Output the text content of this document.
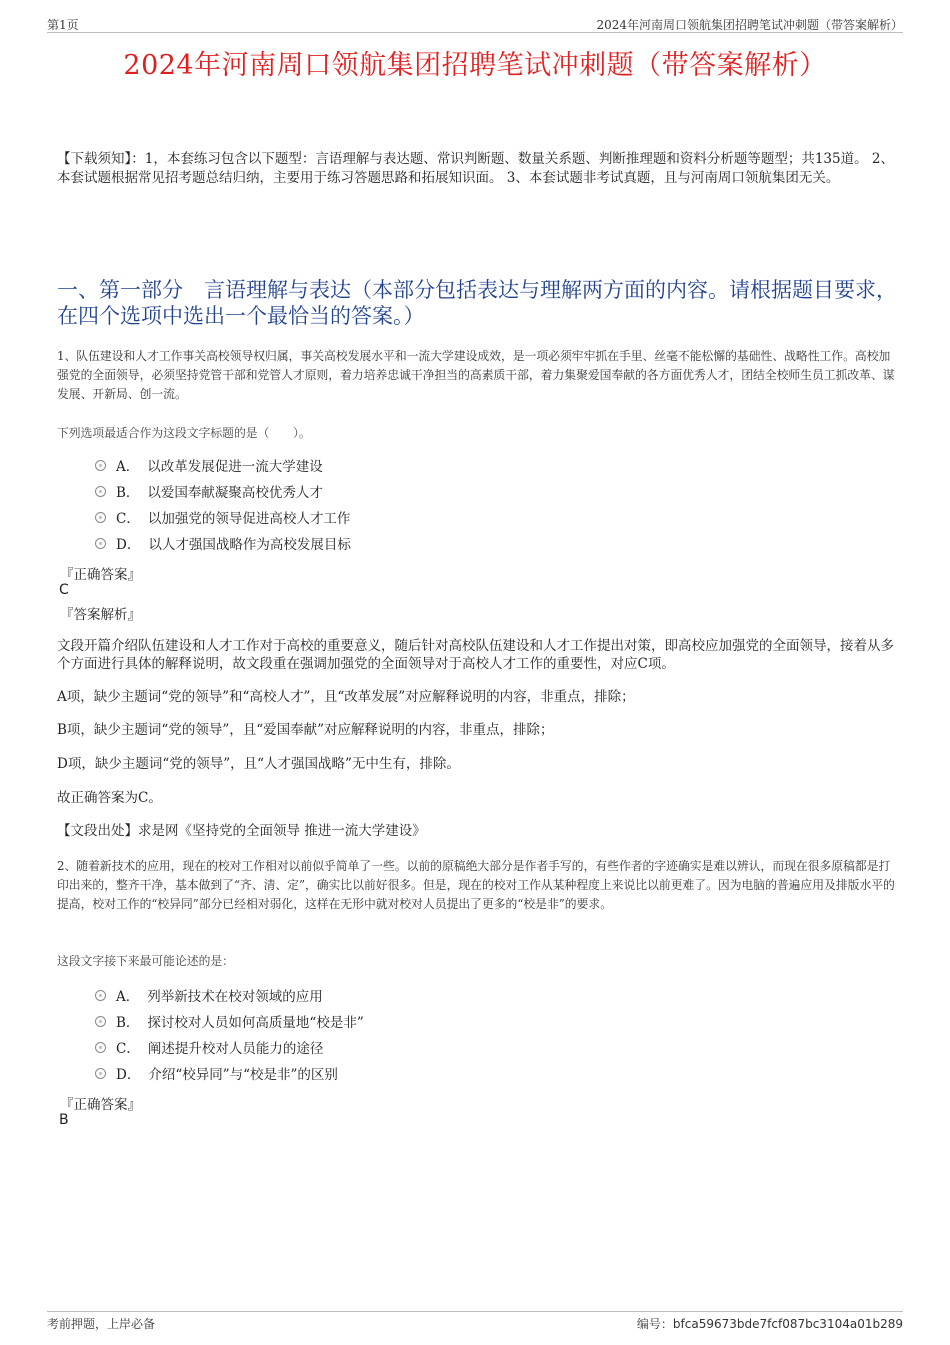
第1页	2024年河南周口领航集团招聘笔试冲刺题（带答案解析）
2024年河南周口领航集团招聘笔试冲刺题（带答案解析）
【下载须知】：1，本套练习包含以下题型：言语理解与表达题、常识判断题、数量关系题、判断推理题和资料分析题等题型；共135道。 2、本套试题根据常见招考题总结归纳，主要用于练习答题思路和拓展知识面。 3、本套试题非考试真题，且与河南周口领航集团无关。
一、第一部分　言语理解与表达（本部分包括表达与理解两方面的内容。请根据题目要求，在四个选项中选出一个最恰当的答案。）
1、队伍建设和人才工作事关高校领导权归属，事关高校发展水平和一流大学建设成效，是一项必须牢牢抓在手里、丝毫不能松懈的基础性、战略性工作。高校加强党的全面领导，必须坚持党管干部和党管人才原则，着力培养忠诚干净担当的高素质干部，着力集聚爱国奉献的各方面优秀人才，团结全校师生员工抓改革、谋发展、开新局、创一流。
下列选项最适合作为这段文字标题的是（　　）。
A． 以改革发展促进一流大学建设
B． 以爱国奉献凝聚高校优秀人才
C． 以加强党的领导促进高校人才工作
D． 以人才强国战略作为高校发展目标
『正确答案』
C
『答案解析』
文段开篇介绍队伍建设和人才工作对于高校的重要意义，随后针对高校队伍建设和人才工作提出对策，即高校应加强党的全面领导，接着从多个方面进行具体的解释说明，故文段重在强调加强党的全面领导对于高校人才工作的重要性，对应C项。
A项，缺少主题词“党的领导”和“高校人才”，且“改革发展”对应解释说明的内容，非重点，排除；
B项，缺少主题词“党的领导”，且“爱国奉献”对应解释说明的内容，非重点，排除；
D项，缺少主题词“党的领导”，且“人才强国战略”无中生有，排除。
故正确答案为C。
【文段出处】求是网《坚持党的全面领导 推进一流大学建设》
2、随着新技术的应用，现在的校对工作相对以前似乎简单了一些。以前的原稿绝大部分是作者手写的，有些作者的字迹确实是难以辨认，而现在很多原稿都是打印出来的，整齐干净，基本做到了“齐、清、定”，确实比以前好很多。但是，现在的校对工作从某种程度上来说比以前更难了。因为电脑的普遍应用及排版水平的提高，校对工作的“校异同”部分已经相对弱化，这样在无形中就对校对人员提出了更多的“校是非”的要求。
这段文字接下来最可能论述的是：
A． 列举新技术在校对领域的应用
B． 探讨校对人员如何高质量地“校是非”
C． 阐述提升校对人员能力的途径
D． 介绍“校异同”与“校是非”的区别
『正确答案』
B
考前押题，上岸必备	编号：bfca59673bde7fcf087bc3104a01b289
